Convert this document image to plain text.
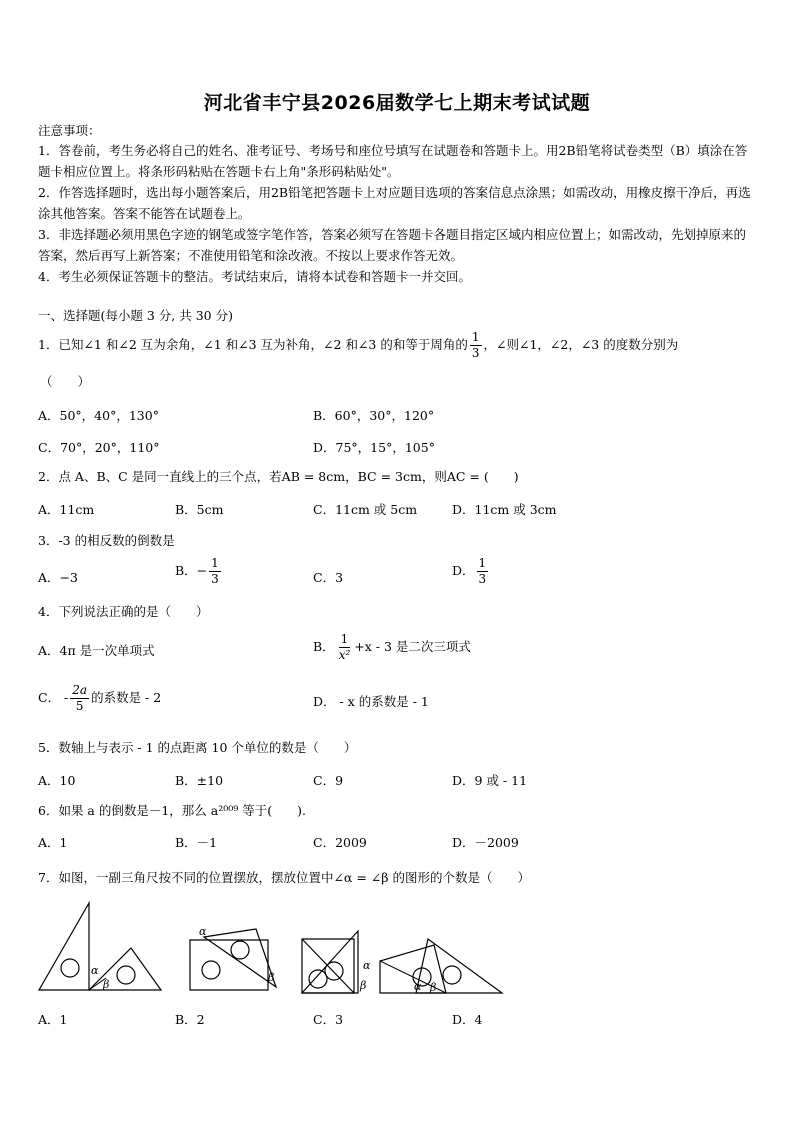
河北省丰宁县2026届数学七上期末考试试题
注意事项：
1．答卷前，考生务必将自己的姓名、准考证号、考场号和座位号填写在试题卷和答题卡上。用2B铅笔将试卷类型（B）填涂在答题卡相应位置上。将条形码粘贴在答题卡右上角"条形码粘贴处"。
2．作答选择题时，选出每小题答案后，用2B铅笔把答题卡上对应题目选项的答案信息点涂黑；如需改动，用橡皮擦干净后，再选涂其他答案。答案不能答在试题卷上。
3．非选择题必须用黑色字迹的钢笔或签字笔作答，答案必须写在答题卡各题目指定区域内相应位置上；如需改动，先划掉原来的答案，然后再写上新答案；不准使用铅笔和涂改液。不按以上要求作答无效。
4．考生必须保证答题卡的整洁。考试结束后，请将本试卷和答题卡一并交回。
一、选择题(每小题 3 分, 共 30 分)
1．已知∠1 和∠2 互为余角，∠1 和∠3 互为补角，∠2 和∠3 的和等于周角的 $\frac{1}{3}$ ，∠则∠1，∠2，∠3 的度数分别为
（　　）
A．50°，40°，130°	B．60°，30°，120°
C．70°，20°，110°	D．75°，15°，105°
2．点 A、B、C 是同一直线上的三个点，若AB = 8cm，BC = 3cm，则AC = (　　)
A．11cm	B．5cm	C．11cm 或 5cm	D．11cm 或 3cm
3．-3 的相反数的倒数是
A．−3	B．− $\frac{1}{3}$	C．3	D． $\frac{1}{3}$
4．下列说法正确的是（　　）
A．4π 是一次单项式	B． $\frac{1}{\text{x²}} +x - 3$ 是二次三项式
C． - $\frac{2a}{5}$ 的系数是 - 2	D． - x 的系数是 - 1
5．数轴上与表示 - 1 的点距离 10 个单位的数是（　　）
A．10	B．±10	C．9	D．9 或 - 11
6．如果 a 的倒数是－1，那么 a²⁰⁰⁹ 等于(　　).
A．1	B．－1	C．2009	D．－2009
7．如图，一副三角尺按不同的位置摆放，摆放位置中∠α = ∠β 的图形的个数是（　　）
α
β
α
β
α
β	α β
A．1	B．2	C．3	D．4
